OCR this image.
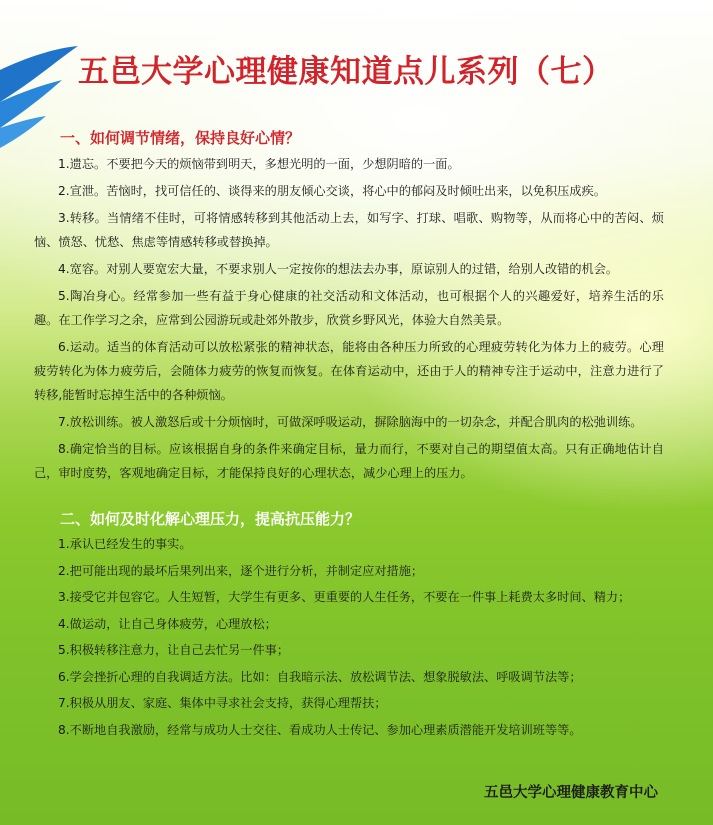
五邑大学心理健康知道点儿系列（七）
一、如何调节情绪，保持良好心情？

1.遗忘。不要把今天的烦恼带到明天，多想光明的一面，少想阴暗的一面。

2.宣泄。苦恼时，找可信任的、谈得来的朋友倾心交谈，将心中的郁闷及时倾吐出来，以免积压成疾。

3.转移。当情绪不佳时，可将情感转移到其他活动上去，如写字、打球、唱歌、购物等，从而将心中的苦闷、烦恼、愤怒、忧愁、焦虑等情感转移或替换掉。

4.宽容。对别人要宽宏大量，不要求别人一定按你的想法去办事，原谅别人的过错，给别人改错的机会。

5.陶冶身心。经常参加一些有益于身心健康的社交活动和文体活动，也可根据个人的兴趣爱好，培养生活的乐趣。在工作学习之余，应常到公园游玩或赴郊外散步，欣赏乡野风光，体验大自然美景。

6.运动。适当的体育活动可以放松紧张的精神状态，能将由各种压力所致的心理疲劳转化为体力上的疲劳。心理疲劳转化为体力疲劳后，会随体力疲劳的恢复而恢复。在体育运动中，还由于人的精神专注于运动中，注意力进行了转移,能暂时忘掉生活中的各种烦恼。

7.放松训练。被人激怒后或十分烦恼时，可做深呼吸运动，摒除脑海中的一切杂念，并配合肌肉的松弛训练。

8.确定恰当的目标。应该根据自身的条件来确定目标，量力而行，不要对自己的期望值太高。只有正确地估计自己，审时度势，客观地确定目标，才能保持良好的心理状态，减少心理上的压力。

二、如何及时化解心理压力，提高抗压能力？

1.承认已经发生的事实。

2.把可能出现的最坏后果列出来，逐个进行分析，并制定应对措施；

3.接受它并包容它。人生短暂，大学生有更多、更重要的人生任务，不要在一件事上耗费太多时间、精力；

4.做运动，让自己身体疲劳，心理放松；

5.积极转移注意力，让自己去忙另一件事；

6.学会挫折心理的自我调适方法。比如：自我暗示法、放松调节法、想象脱敏法、呼吸调节法等；

7.积极从朋友、家庭、集体中寻求社会支持，获得心理帮扶；

8.不断地自我激励，经常与成功人士交往、看成功人士传记、参加心理素质潜能开发培训班等等。

五邑大学心理健康教育中心
